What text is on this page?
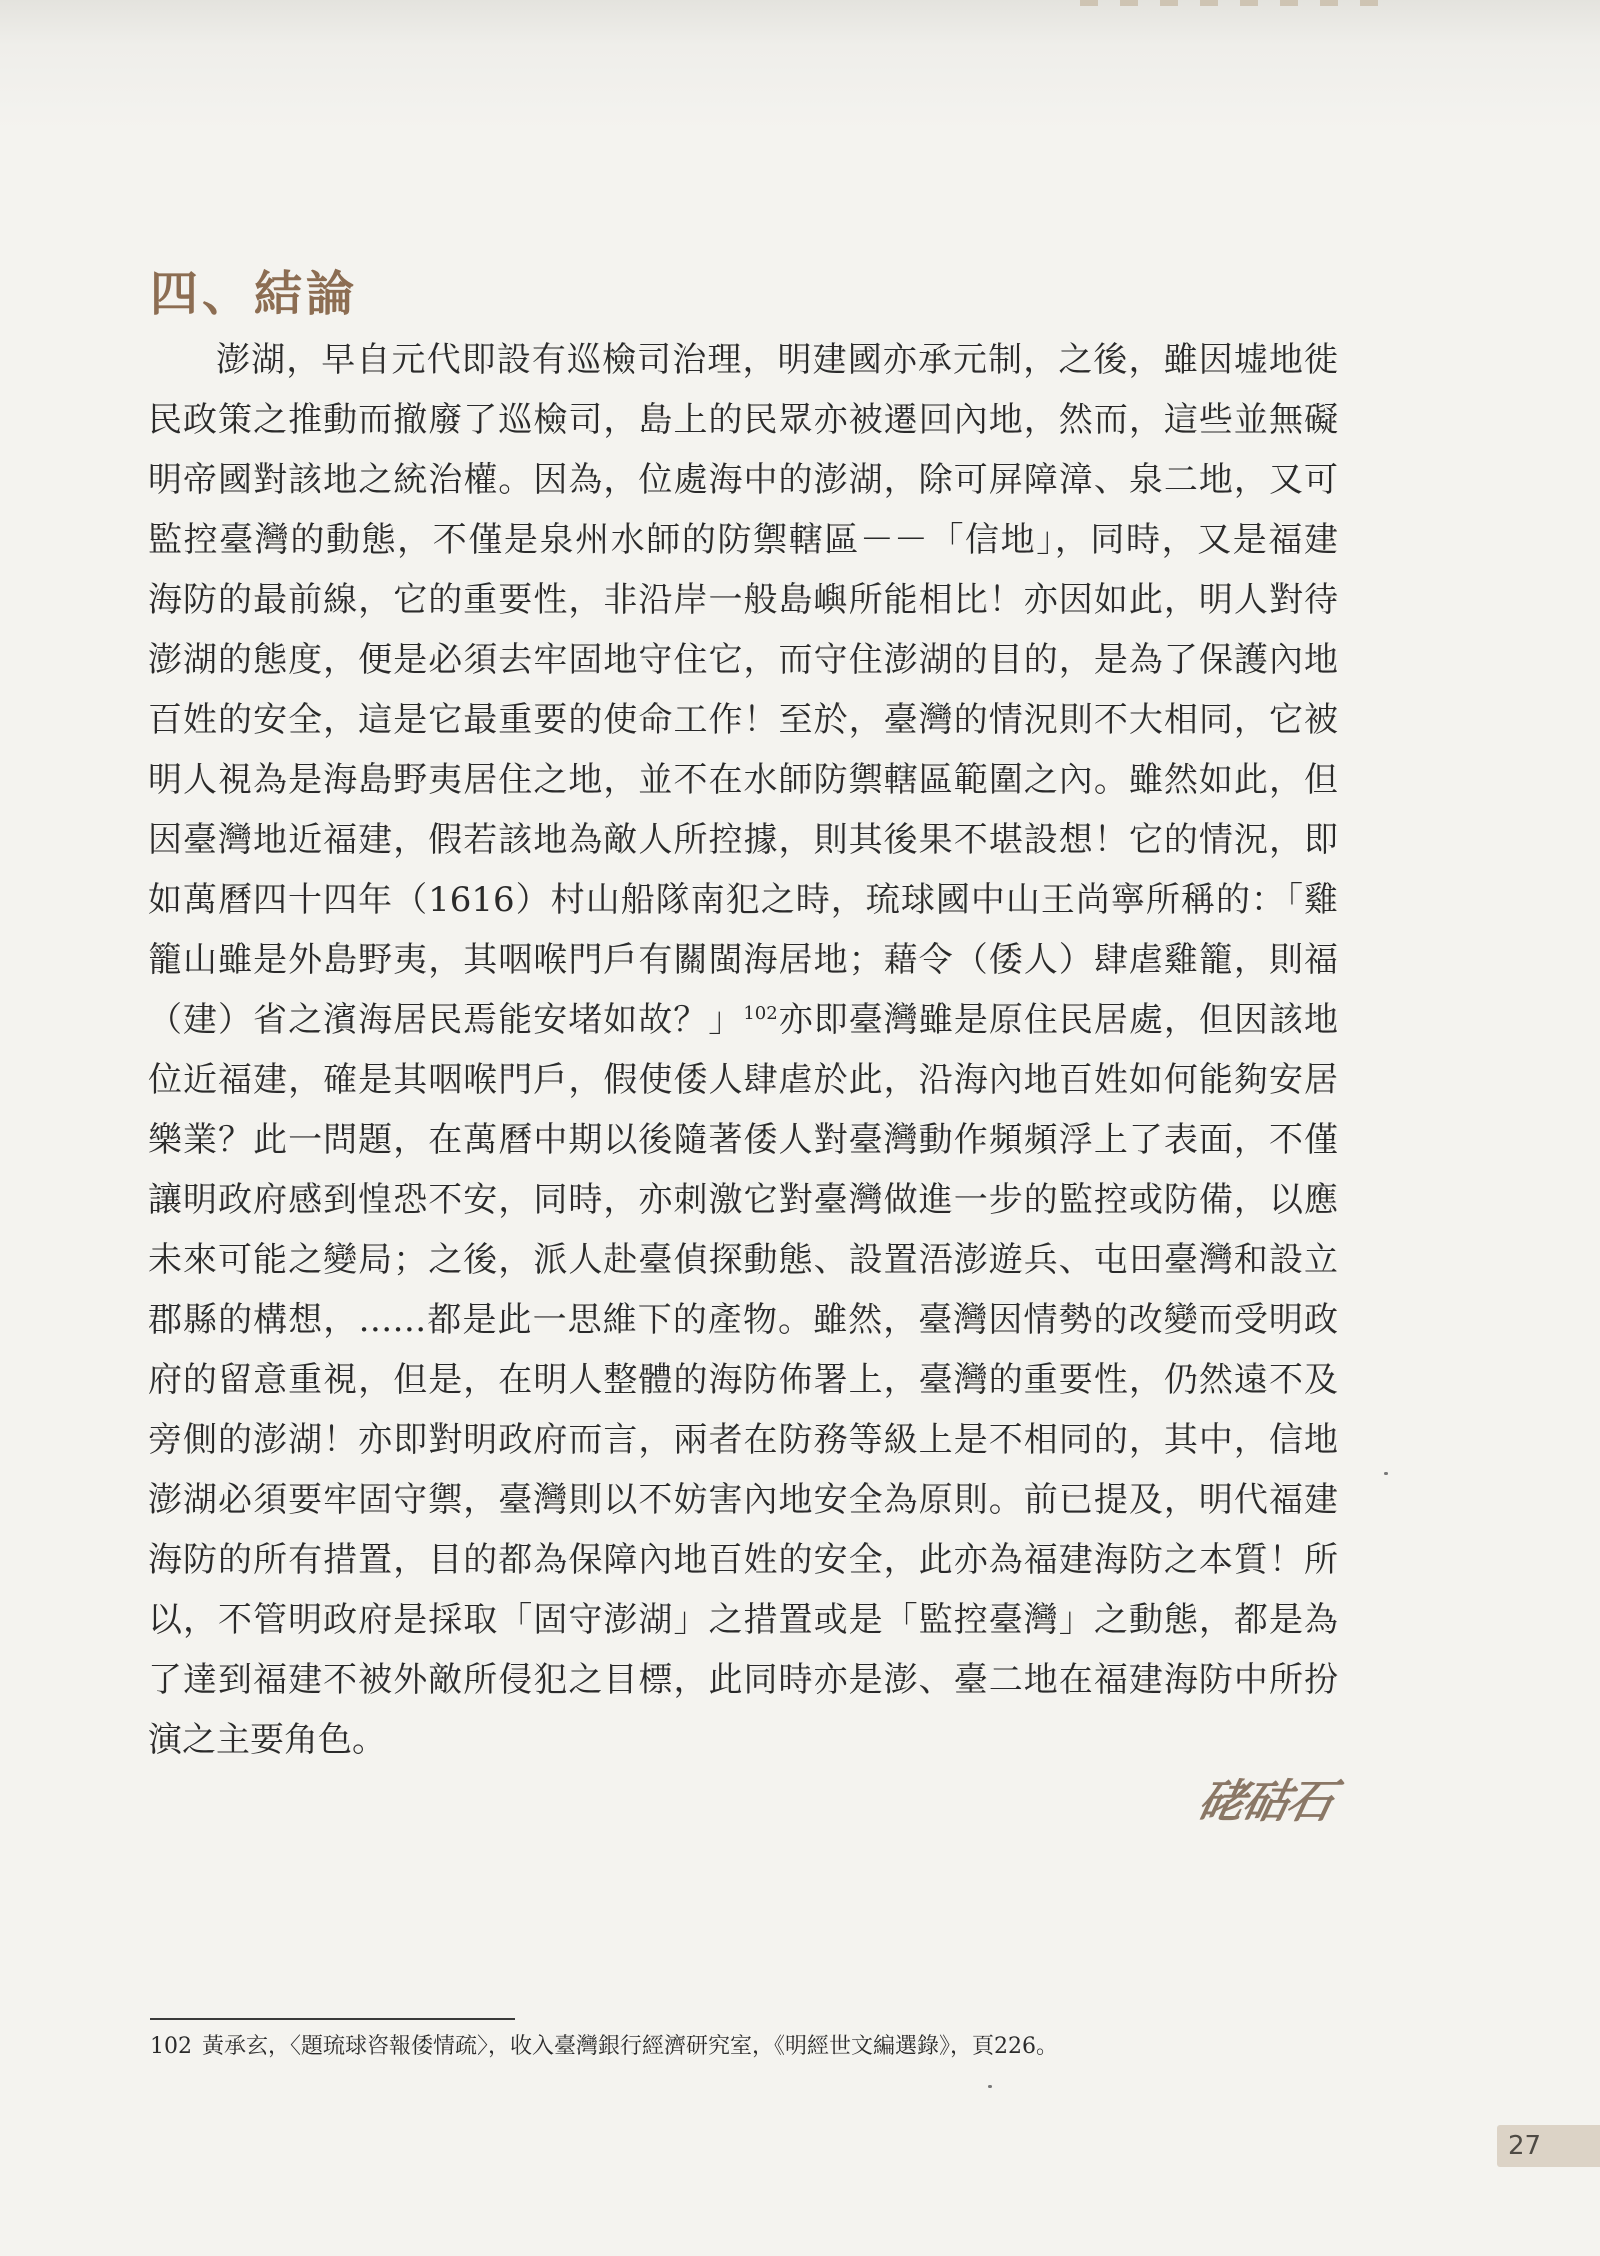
四、結論
澎湖，早自元代即設有巡檢司治理，明建國亦承元制，之後，雖因墟地徙
民政策之推動而撤廢了巡檢司，島上的民眾亦被遷回內地，然而，這些並無礙
明帝國對該地之統治權。因為，位處海中的澎湖，除可屏障漳、泉二地，又可
監控臺灣的動態，不僅是泉州水師的防禦轄區－－「信地」，同時，又是福建
海防的最前線，它的重要性，非沿岸一般島嶼所能相比！亦因如此，明人對待
澎湖的態度，便是必須去牢固地守住它，而守住澎湖的目的，是為了保護內地
百姓的安全，這是它最重要的使命工作！至於，臺灣的情況則不大相同，它被
明人視為是海島野夷居住之地，並不在水師防禦轄區範圍之內。雖然如此，但
因臺灣地近福建，假若該地為敵人所控據，則其後果不堪設想！它的情況，即
如萬曆四十四年（1616）村山船隊南犯之時，琉球國中山王尚寧所稱的：「雞
籠山雖是外島野夷，其咽喉門戶有關閩海居地；藉令（倭人）肆虐雞籠，則福
（建）省之濱海居民焉能安堵如故？」$^{102}$亦即臺灣雖是原住民居處，但因該地
位近福建，確是其咽喉門戶，假使倭人肆虐於此，沿海內地百姓如何能夠安居
樂業？此一問題，在萬曆中期以後隨著倭人對臺灣動作頻頻浮上了表面，不僅
讓明政府感到惶恐不安，同時，亦刺激它對臺灣做進一步的監控或防備，以應
未來可能之變局；之後，派人赴臺偵探動態、設置浯澎遊兵、屯田臺灣和設立
郡縣的構想，……都是此一思維下的產物。雖然，臺灣因情勢的改變而受明政
府的留意重視，但是，在明人整體的海防佈署上，臺灣的重要性，仍然遠不及
旁側的澎湖！亦即對明政府而言，兩者在防務等級上是不相同的，其中，信地
澎湖必須要牢固守禦，臺灣則以不妨害內地安全為原則。前已提及，明代福建
海防的所有措置，目的都為保障內地百姓的安全，此亦為福建海防之本質！所
以，不管明政府是採取「固守澎湖」之措置或是「監控臺灣」之動態，都是為
了達到福建不被外敵所侵犯之目標，此同時亦是澎、臺二地在福建海防中所扮
演之主要角色。
硓𥑮石
102 黃承玄，〈題琉球咨報倭情疏〉，收入臺灣銀行經濟研究室，《明經世文編選錄》，頁226。
27
